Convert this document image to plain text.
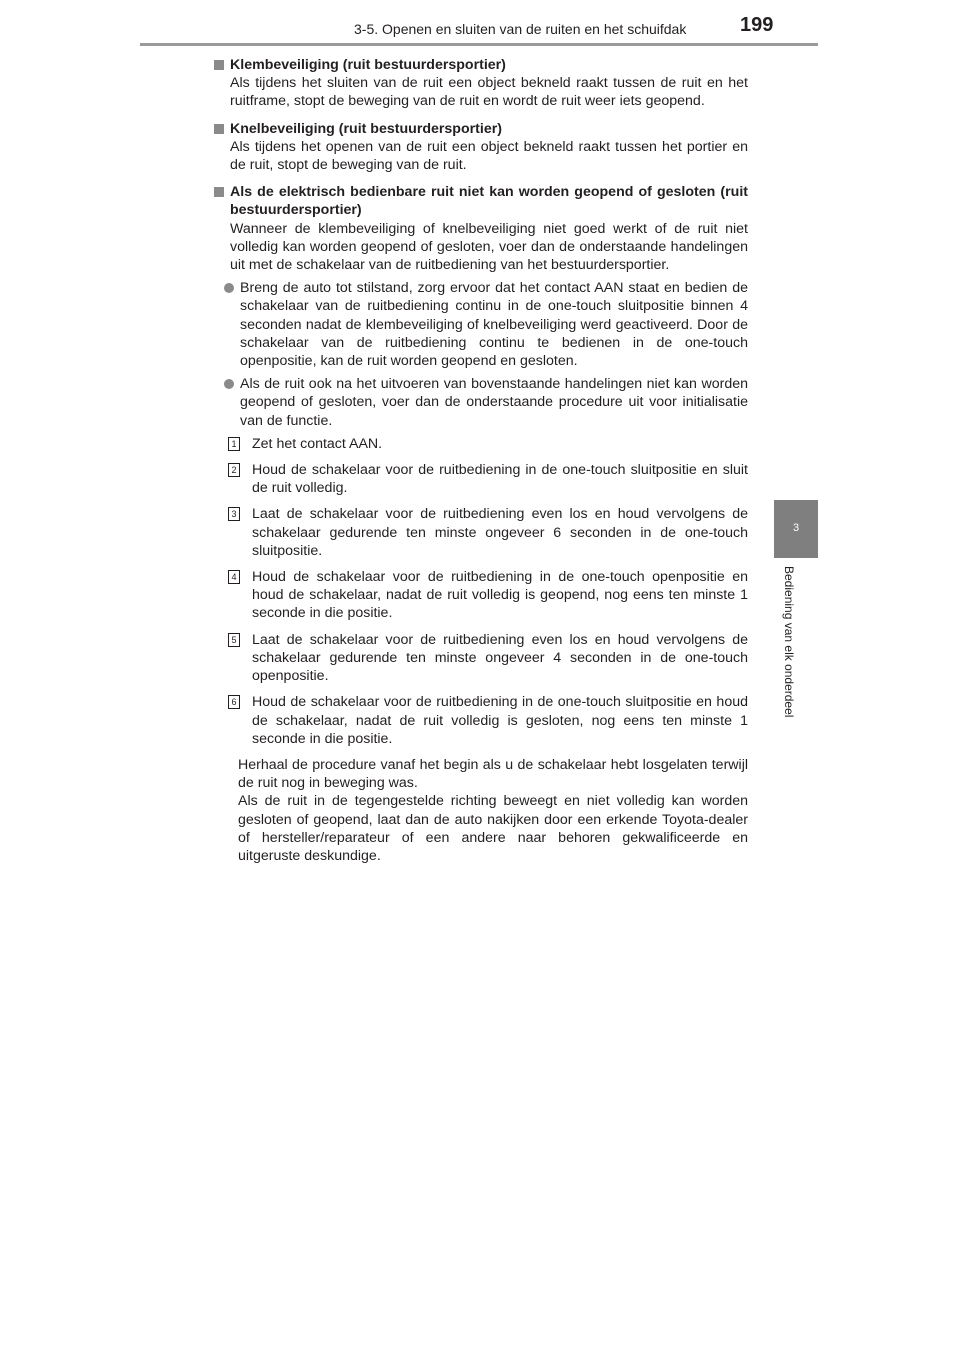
3-5. Openen en sluiten van de ruiten en het schuifdak	199
3
Bediening van elk onderdeel
Klembeveiliging (ruit bestuurdersportier)
Als tijdens het sluiten van de ruit een object bekneld raakt tussen de ruit en het ruitframe, stopt de beweging van de ruit en wordt de ruit weer iets geopend.
Knelbeveiliging (ruit bestuurdersportier)
Als tijdens het openen van de ruit een object bekneld raakt tussen het portier en de ruit, stopt de beweging van de ruit.
Als de elektrisch bedienbare ruit niet kan worden geopend of gesloten (ruit bestuurdersportier)
Wanneer de klembeveiliging of knelbeveiliging niet goed werkt of de ruit niet volledig kan worden geopend of gesloten, voer dan de onderstaande handelingen uit met de schakelaar van de ruitbediening van het bestuurdersportier.
Breng de auto tot stilstand, zorg ervoor dat het contact AAN staat en bedien de schakelaar van de ruitbediening continu in de one-touch sluitpositie binnen 4 seconden nadat de klembeveiliging of knelbeveiliging werd geactiveerd. Door de schakelaar van de ruitbediening continu te bedienen in de one-touch openpositie, kan de ruit worden geopend en gesloten.
Als de ruit ook na het uitvoeren van bovenstaande handelingen niet kan worden geopend of gesloten, voer dan de onderstaande procedure uit voor initialisatie van de functie.
1 Zet het contact AAN.
2 Houd de schakelaar voor de ruitbediening in de one-touch sluitpositie en sluit de ruit volledig.
3 Laat de schakelaar voor de ruitbediening even los en houd vervolgens de schakelaar gedurende ten minste ongeveer 6 seconden in de one-touch sluitpositie.
4 Houd de schakelaar voor de ruitbediening in de one-touch openpositie en houd de schakelaar, nadat de ruit volledig is geopend, nog eens ten minste 1 seconde in die positie.
5 Laat de schakelaar voor de ruitbediening even los en houd vervolgens de schakelaar gedurende ten minste ongeveer 4 seconden in de one-touch openpositie.
6 Houd de schakelaar voor de ruitbediening in de one-touch sluitpositie en houd de schakelaar, nadat de ruit volledig is gesloten, nog eens ten minste 1 seconde in die positie.

Herhaal de procedure vanaf het begin als u de schakelaar hebt losgelaten terwijl de ruit nog in beweging was.

Als de ruit in de tegengestelde richting beweegt en niet volledig kan worden gesloten of geopend, laat dan de auto nakijken door een erkende Toyota-dealer of hersteller/reparateur of een andere naar behoren gekwalificeerde en uitgeruste deskundige.
